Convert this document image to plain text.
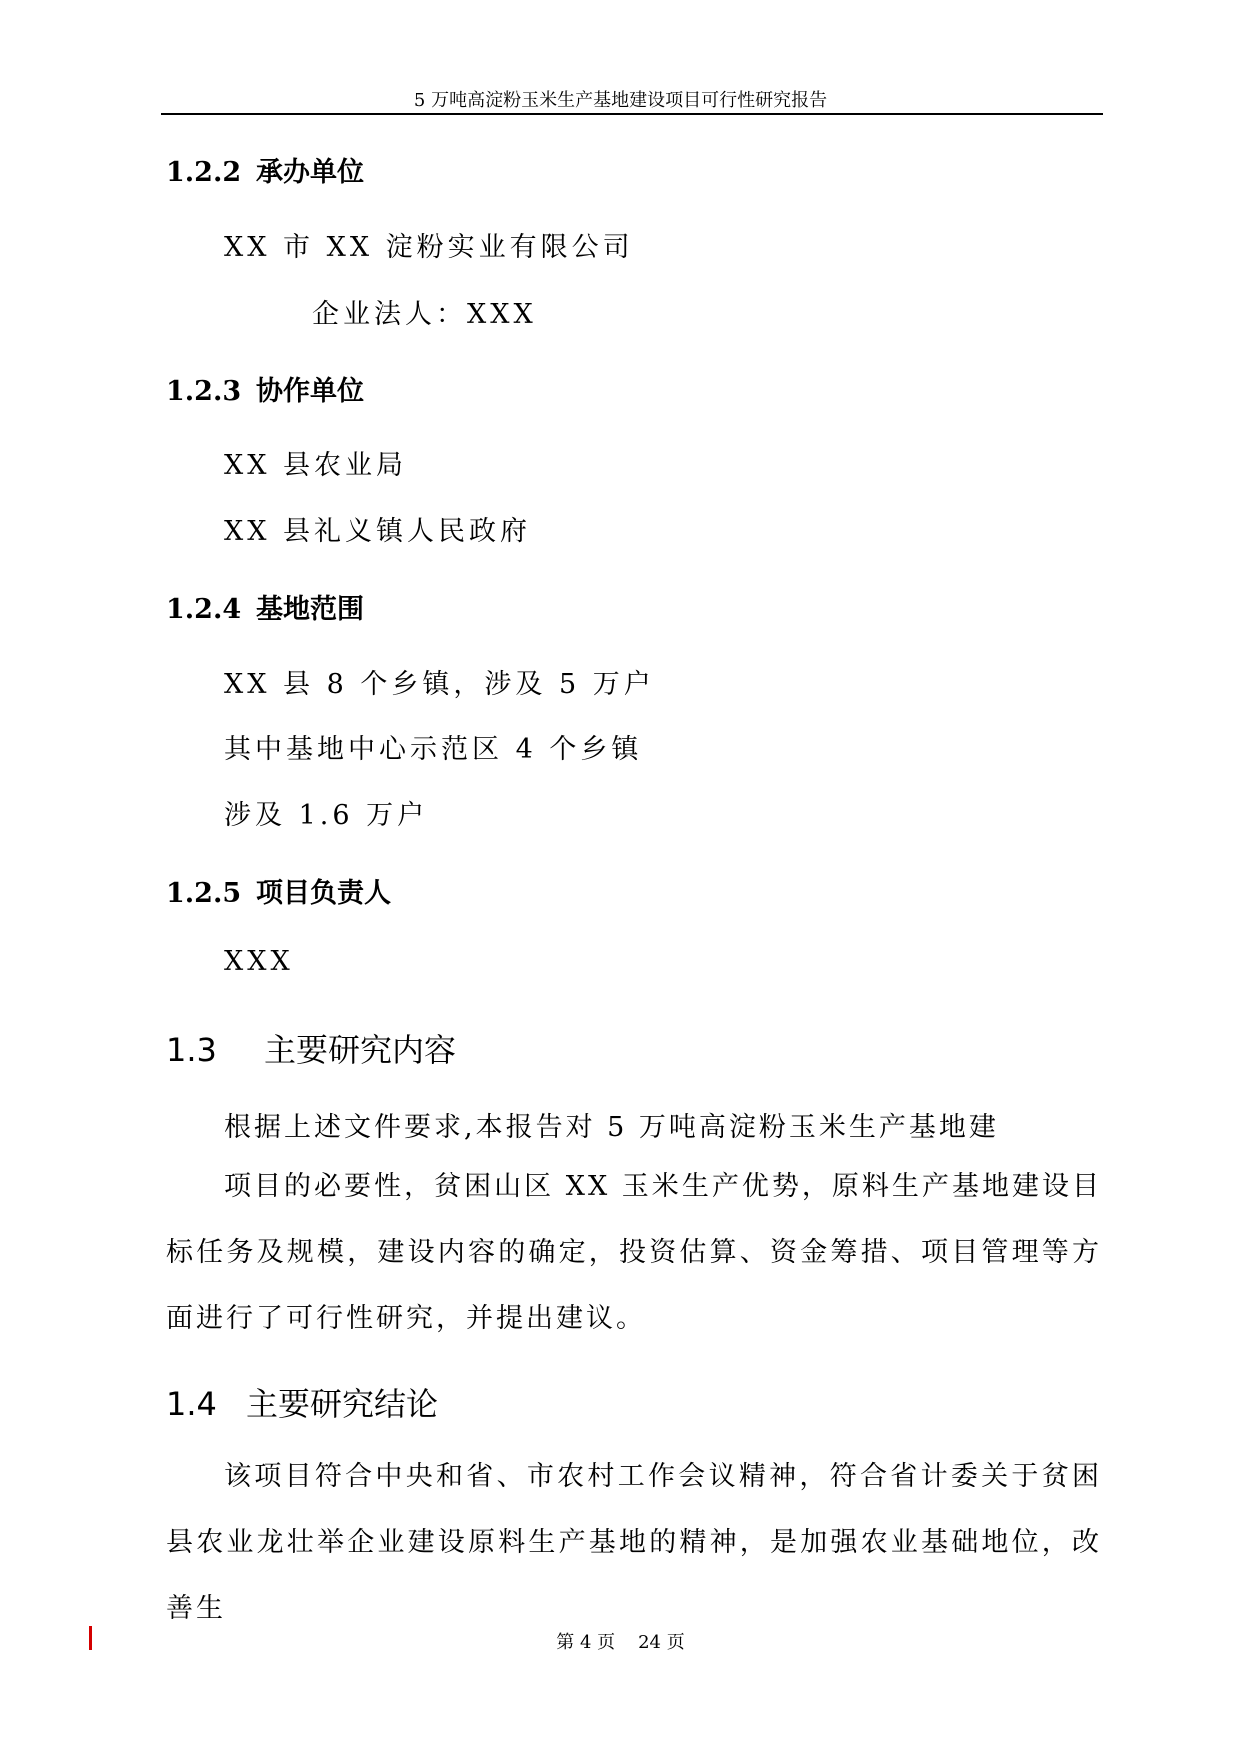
5 万吨高淀粉玉米生产基地建设项目可行性研究报告
1.2.2 承办单位
XX 市 XX 淀粉实业有限公司
企业法人：XXX
1.2.3 协作单位
XX 县农业局
XX 县礼义镇人民政府
1.2.4 基地范围
XX 县 8 个乡镇，涉及 5 万户
其中基地中心示范区 4 个乡镇
涉及 1.6 万户
1.2.5 项目负责人
XXX
1.3 主要研究内容
根据上述文件要求,本报告对 5 万吨高淀粉玉米生产基地建
项目的必要性，贫困山区 XX 玉米生产优势，原料生产基地建设目标任务及规模，建设内容的确定，投资估算、资金筹措、项目管理等方面进行了可行性研究，并提出建议。
1.4 主要研究结论
该项目符合中央和省、市农村工作会议精神，符合省计委关于贫困县农业龙壮举企业建设原料生产基地的精神，是加强农业基础地位，改善生
第 4 页 24 页
